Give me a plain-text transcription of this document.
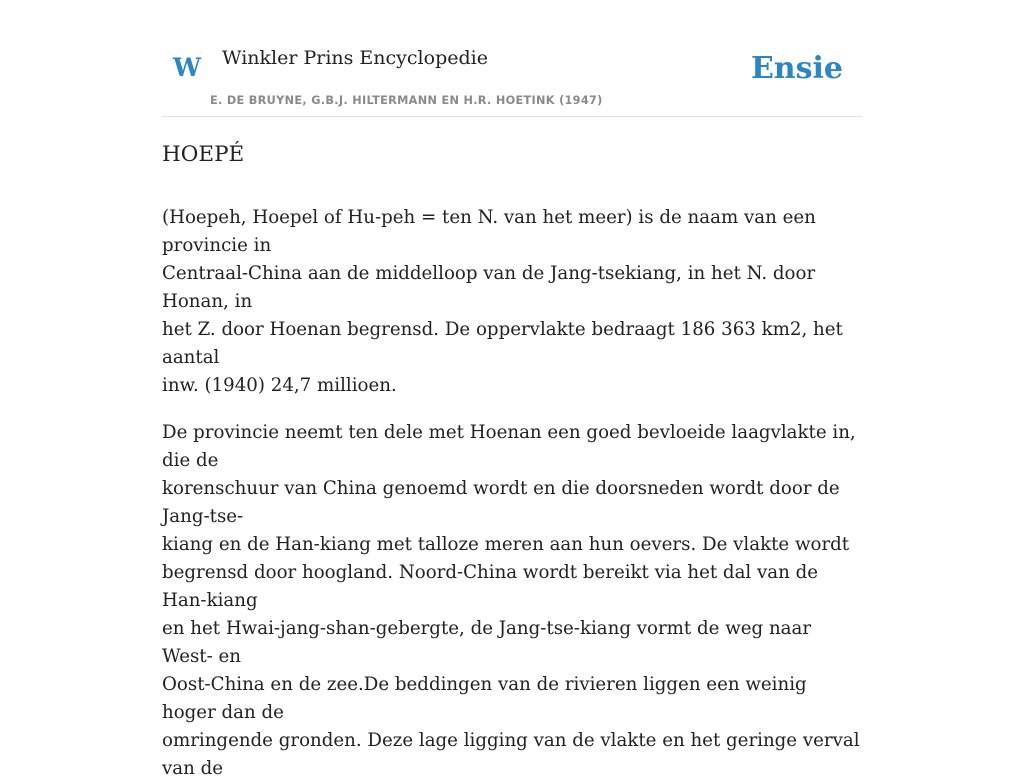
W Winkler Prins Encyclopedie
E. DE BRUYNE, G.B.J. HILTERMANN EN H.R. HOETINK (1947)
Ensie
HOEPÉ

(Hoepeh, Hoepel of Hu-peh = ten N. van het meer) is de naam van een provincie in
Centraal-China aan de middelloop van de Jang-tsekiang, in het N. door Honan, in
het Z. door Hoenan begrensd. De oppervlakte bedraagt 186 363 km2, het aantal
inw. (1940) 24,7 millioen.

De provincie neemt ten dele met Hoenan een goed bevloeide laagvlakte in, die de
korenschuur van China genoemd wordt en die doorsneden wordt door de Jang-tse-
kiang en de Han-kiang met talloze meren aan hun oevers. De vlakte wordt
begrensd door hoogland. Noord-China wordt bereikt via het dal van de Han-kiang
en het Hwai-jang-shan-gebergte, de Jang-tse-kiang vormt de weg naar West- en
Oost-China en de zee.De beddingen van de rivieren liggen een weinig hoger dan de
omringende gronden. Deze lage ligging van de vlakte en het geringe verval van de
